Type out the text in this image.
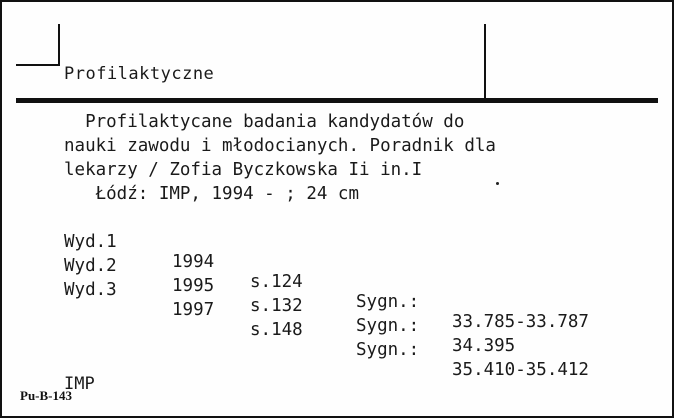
Profilaktyczne
Profilaktycane badania kandydatów do
nauki zawodu i młodocianych. Poradnik dla
lekarzy / Zofia Byczkowska Ii in.I
Łódź: IMP, 1994 - ; 24 cm

Wyd.1

1994

s.124

Sygn.:

33.785-33.787

Wyd.2

1995

s.132

Sygn.:

34.395

Wyd.3

1997

s.148

Sygn.:

35.410-35.412

IMP
Pu-B-143
